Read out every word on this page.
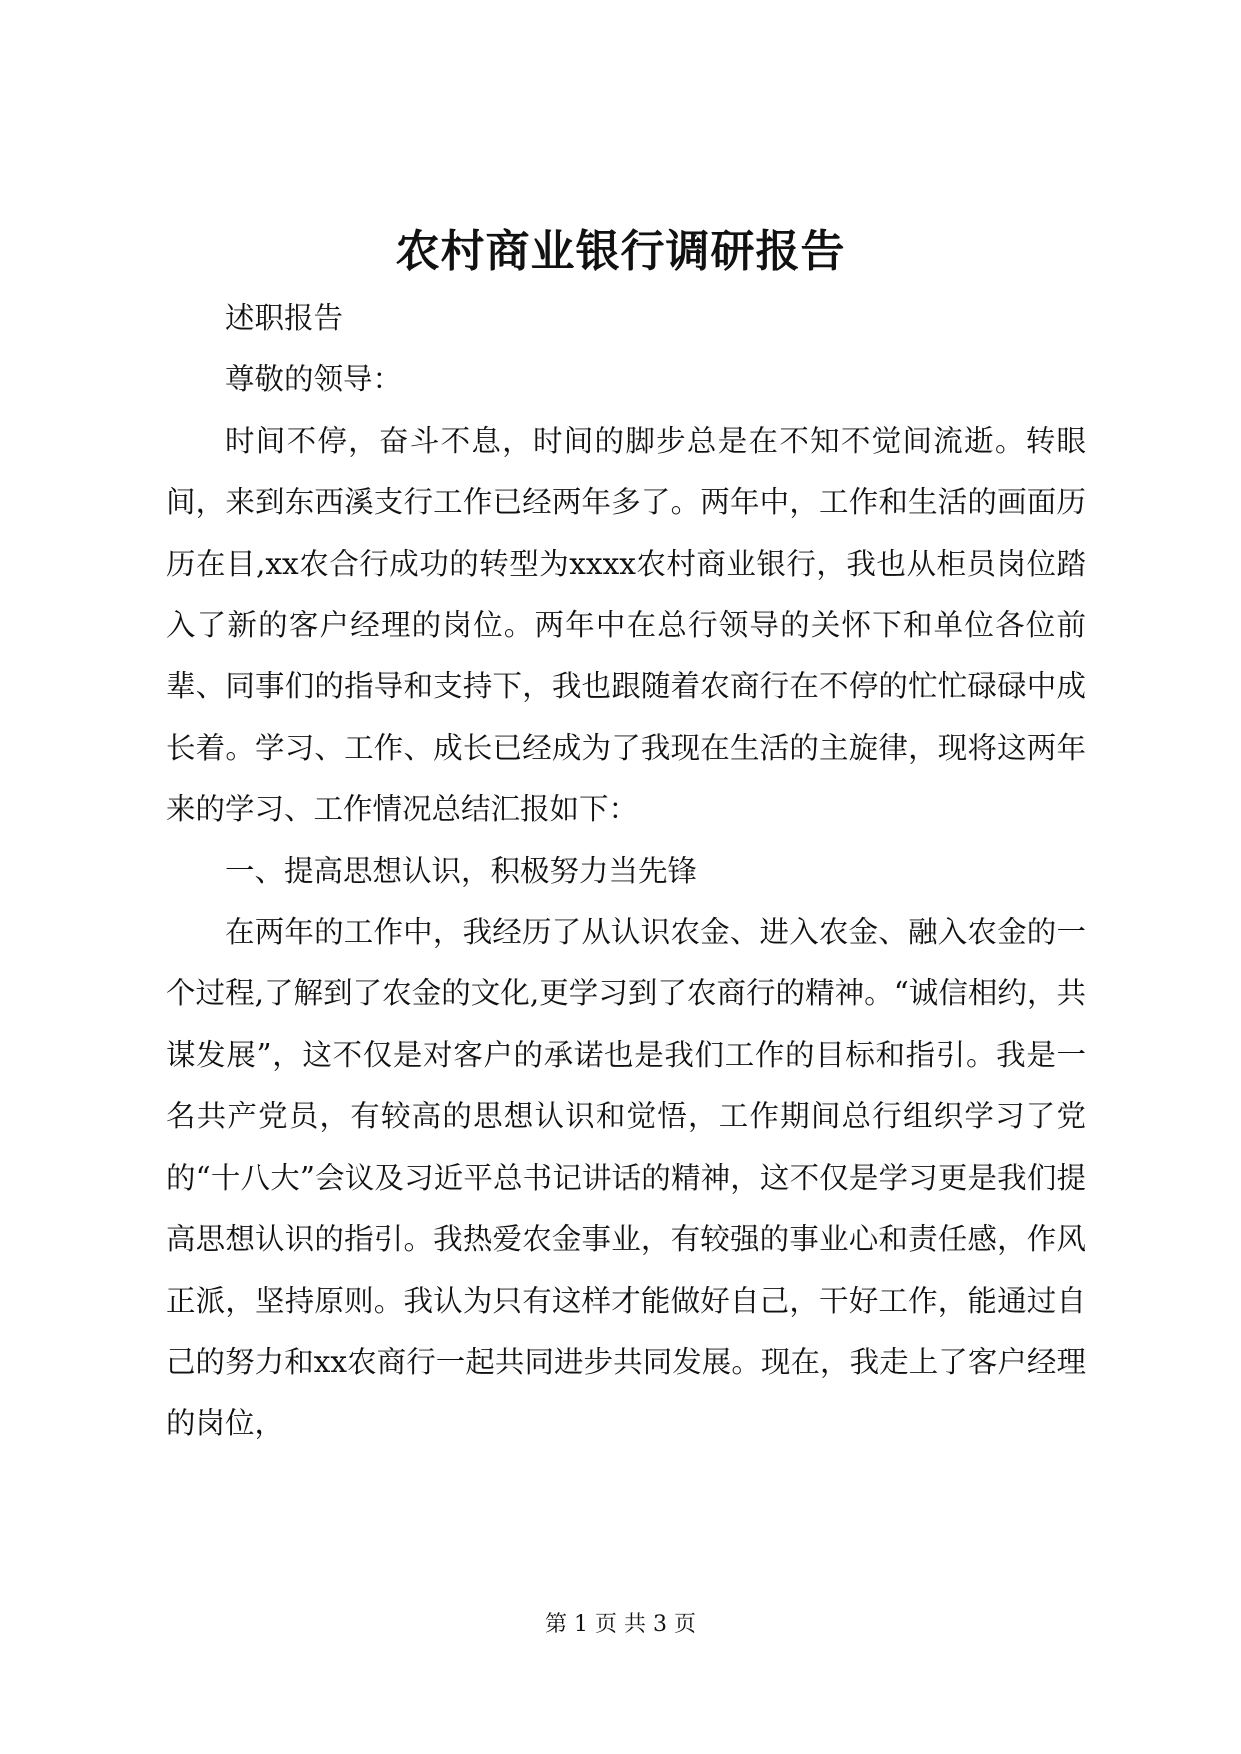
农村商业银行调研报告

述职报告

尊敬的领导：

时间不停，奋斗不息，时间的脚步总是在不知不觉间流逝。转眼间，来到东西溪支行工作已经两年多了。两年中，工作和生活的画面历历在目,xx农合行成功的转型为xxxx农村商业银行，我也从柜员岗位踏入了新的客户经理的岗位。两年中在总行领导的关怀下和单位各位前辈、同事们的指导和支持下，我也跟随着农商行在不停的忙忙碌碌中成长着。学习、工作、成长已经成为了我现在生活的主旋律，现将这两年来的学习、工作情况总结汇报如下：

一、提高思想认识，积极努力当先锋

在两年的工作中，我经历了从认识农金、进入农金、融入农金的一个过程,了解到了农金的文化,更学习到了农商行的精神。“诚信相约，共谋发展”，这不仅是对客户的承诺也是我们工作的目标和指引。我是一名共产党员，有较高的思想认识和觉悟，工作期间总行组织学习了党的“十八大”会议及习近平总书记讲话的精神，这不仅是学习更是我们提高思想认识的指引。我热爱农金事业，有较强的事业心和责任感，作风正派，坚持原则。我认为只有这样才能做好自己，干好工作，能通过自己的努力和xx农商行一起共同进步共同发展。现在，我走上了客户经理的岗位，

第 1 页 共 3 页
